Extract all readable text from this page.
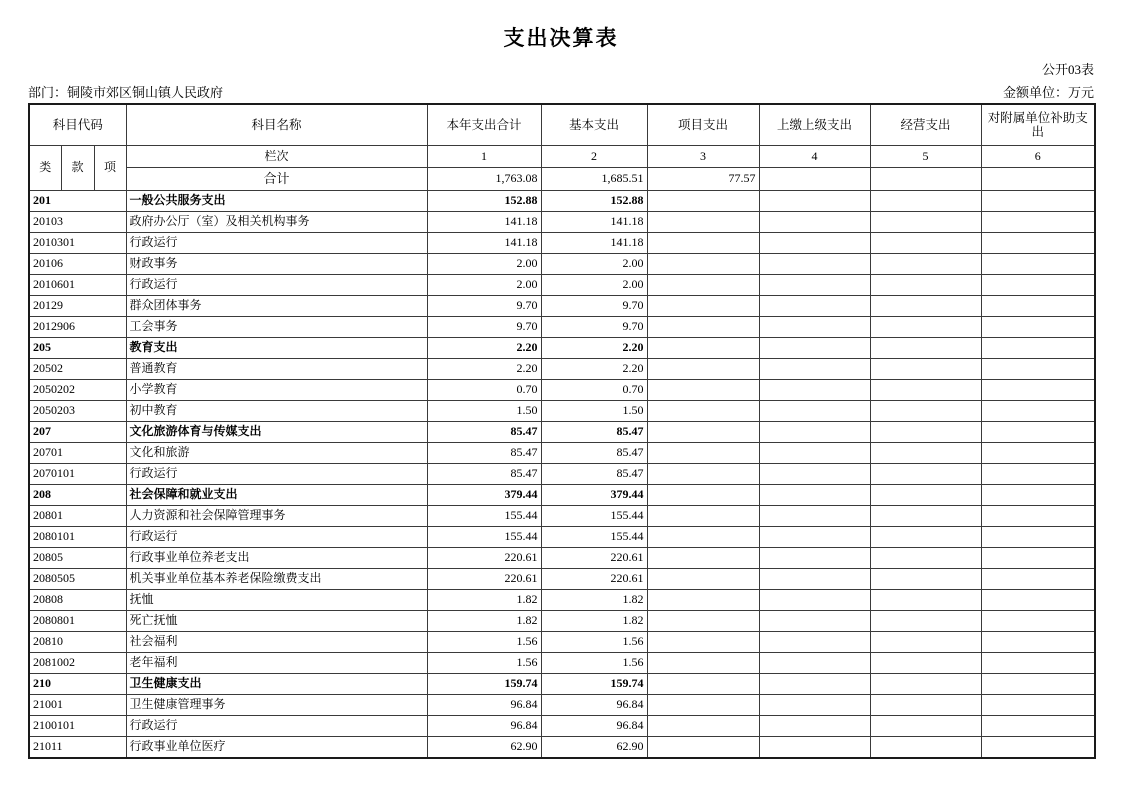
支出决算表
公开03表
部门：铜陵市郊区铜山镇人民政府	金额单位：万元
科目代码			科目名称	本年支出合计	基本支出	项目支出	上缴上级支出	经营支出	对附属单位补助支出
类	款	项	栏次	1	2	3	4	5	6
			合计	1,763.08	1,685.51	77.57			
201			一般公共服务支出	152.88	152.88				
20103			政府办公厅（室）及相关机构事务	141.18	141.18				
2010301			行政运行	141.18	141.18				
20106			财政事务	2.00	2.00				
2010601			行政运行	2.00	2.00				
20129			群众团体事务	9.70	9.70				
2012906			工会事务	9.70	9.70				
205			教育支出	2.20	2.20				
20502			普通教育	2.20	2.20				
2050202			小学教育	0.70	0.70				
2050203			初中教育	1.50	1.50				
207			文化旅游体育与传媒支出	85.47	85.47				
20701			文化和旅游	85.47	85.47				
2070101			行政运行	85.47	85.47				
208			社会保障和就业支出	379.44	379.44				
20801			人力资源和社会保障管理事务	155.44	155.44				
2080101			行政运行	155.44	155.44				
20805			行政事业单位养老支出	220.61	220.61				
2080505			机关事业单位基本养老保险缴费支出	220.61	220.61				
20808			抚恤	1.82	1.82				
2080801			死亡抚恤	1.82	1.82				
20810			社会福利	1.56	1.56				
2081002			老年福利	1.56	1.56				
210			卫生健康支出	159.74	159.74				
21001			卫生健康管理事务	96.84	96.84				
2100101			行政运行	96.84	96.84				
21011			行政事业单位医疗	62.90	62.90				
